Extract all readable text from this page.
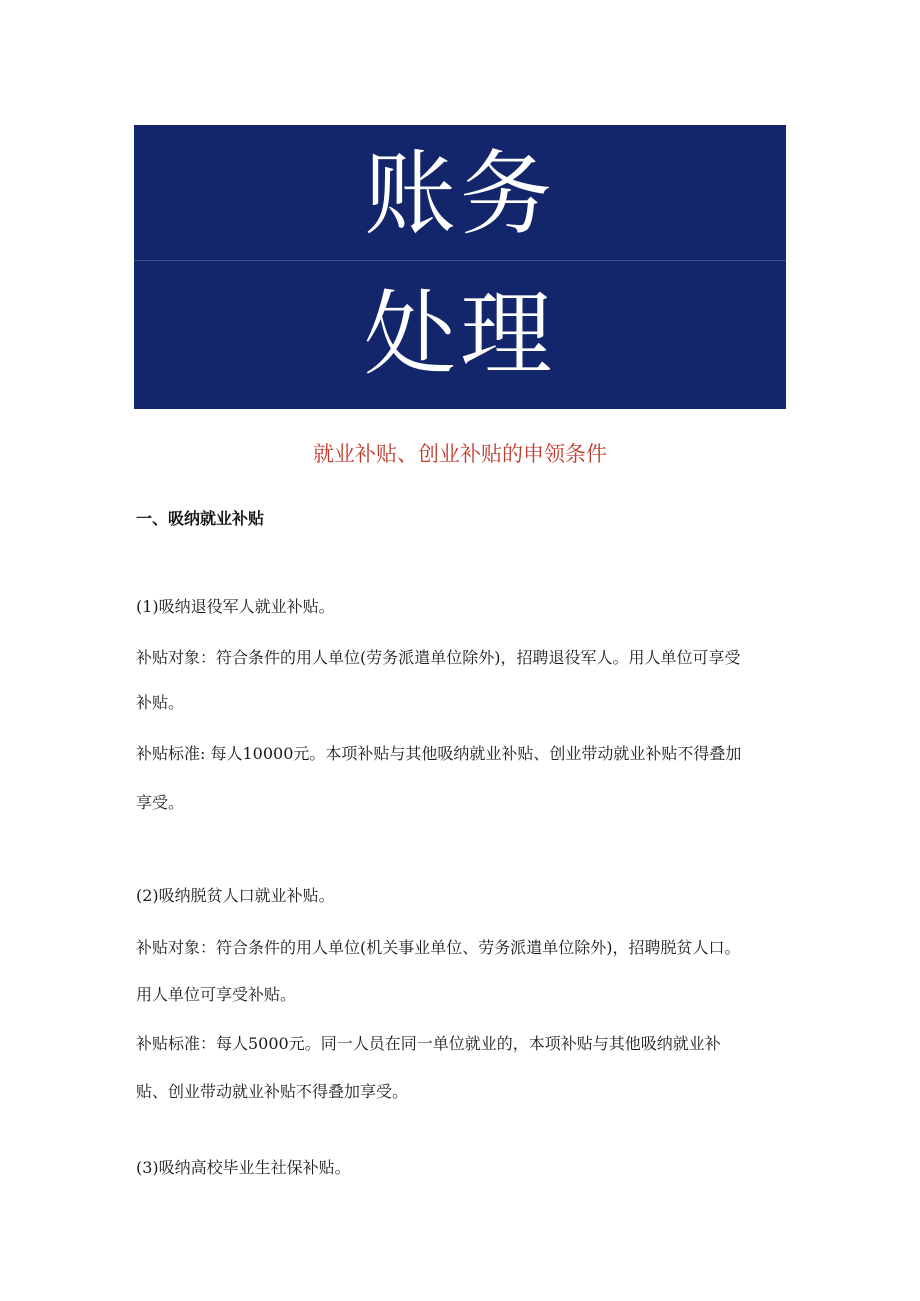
账务
处理
就业补贴、创业补贴的申领条件
一、吸纳就业补贴
(1)吸纳退役军人就业补贴。
补贴对象：符合条件的用人单位(劳务派遣单位除外)，招聘退役军人。用人单位可享受
补贴。
补贴标准: 每人10000元。本项补贴与其他吸纳就业补贴、创业带动就业补贴不得叠加
享受。
(2)吸纳脱贫人口就业补贴。
补贴对象：符合条件的用人单位(机关事业单位、劳务派遣单位除外)，招聘脱贫人口。
用人单位可享受补贴。
补贴标准：每人5000元。同一人员在同一单位就业的，本项补贴与其他吸纳就业补
贴、创业带动就业补贴不得叠加享受。
(3)吸纳高校毕业生社保补贴。
